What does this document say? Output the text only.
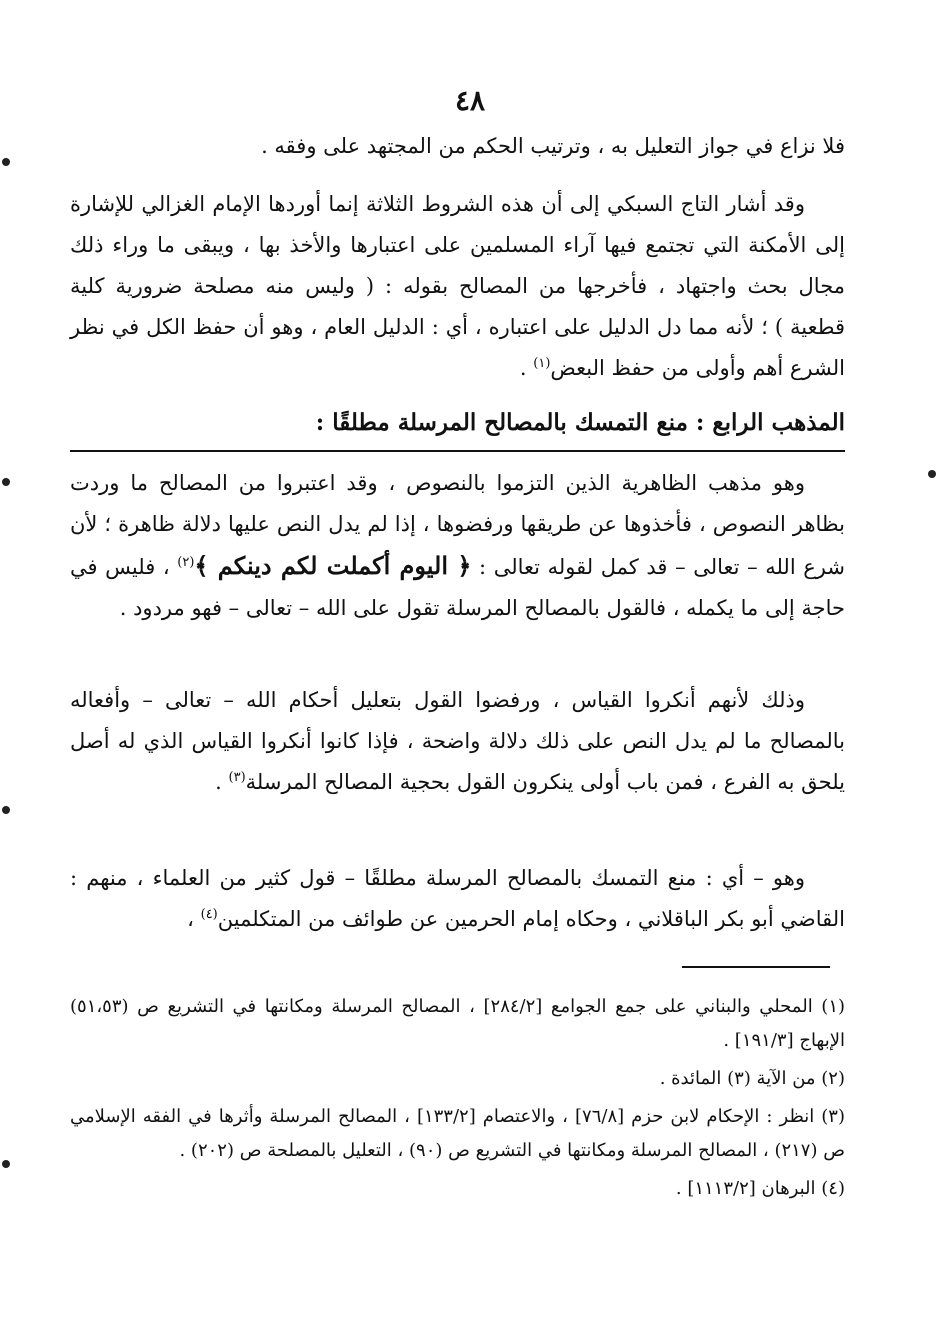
٤٨

فلا نزاع في جواز التعليل به ، وترتيب الحكم من المجتهد على وفقه .

وقد أشار التاج السبكي إلى أن هذه الشروط الثلاثة إنما أوردها الإمام الغزالي للإشارة إلى الأمكنة التي تجتمع فيها آراء المسلمين على اعتبارها والأخذ بها ، ويبقى ما وراء ذلك مجال بحث واجتهاد ، فأخرجها من المصالح بقوله : ( وليس منه مصلحة ضرورية كلية قطعية ) ؛ لأنه مما دل الدليل على اعتباره ، أي : الدليل العام ، وهو أن حفظ الكل في نظر الشرع أهم وأولى من حفظ البعض$^{(١)}$ .

المذهب الرابع : منع التمسك بالمصالح المرسلة مطلقًا :

وهو مذهب الظاهرية الذين التزموا بالنصوص ، وقد اعتبروا من المصالح ما وردت بظاهر النصوص ، فأخذوها عن طريقها ورفضوها ، إذا لم يدل النص عليها دلالة ظاهرة ؛ لأن شرع الله – تعالى – قد كمل لقوله تعالى : ﴿ اليوم أكملت لكم دينكم ﴾$^{(٢)}$ ، فليس في حاجة إلى ما يكمله ، فالقول بالمصالح المرسلة تقول على الله – تعالى – فهو مردود .

وذلك لأنهم أنكروا القياس ، ورفضوا القول بتعليل أحكام الله – تعالى – وأفعاله بالمصالح ما لم يدل النص على ذلك دلالة واضحة ، فإذا كانوا أنكروا القياس الذي له أصل يلحق به الفرع ، فمن باب أولى ينكرون القول بحجية المصالح المرسلة$^{(٣)}$ .

وهو – أي : منع التمسك بالمصالح المرسلة مطلقًا – قول كثير من العلماء ، منهم : القاضي أبو بكر الباقلاني ، وحكاه إمام الحرمين عن طوائف من المتكلمين$^{(٤)}$ ،

(١) المحلي والبناني على جمع الجوامع [٢٨٤/٢] ، المصالح المرسلة ومكانتها في التشريع ص (٥١،٥٣) الإبهاج [١٩١/٣] .

(٢) من الآية (٣) المائدة .

(٣) انظر : الإحكام لابن حزم [٧٦/٨] ، والاعتصام [١٣٣/٢] ، المصالح المرسلة وأثرها في الفقه الإسلامي ص (٢١٧) ، المصالح المرسلة ومكانتها في التشريع ص (٩٠) ، التعليل بالمصلحة ص (٢٠٢) .

(٤) البرهان [١١١٣/٢] .
